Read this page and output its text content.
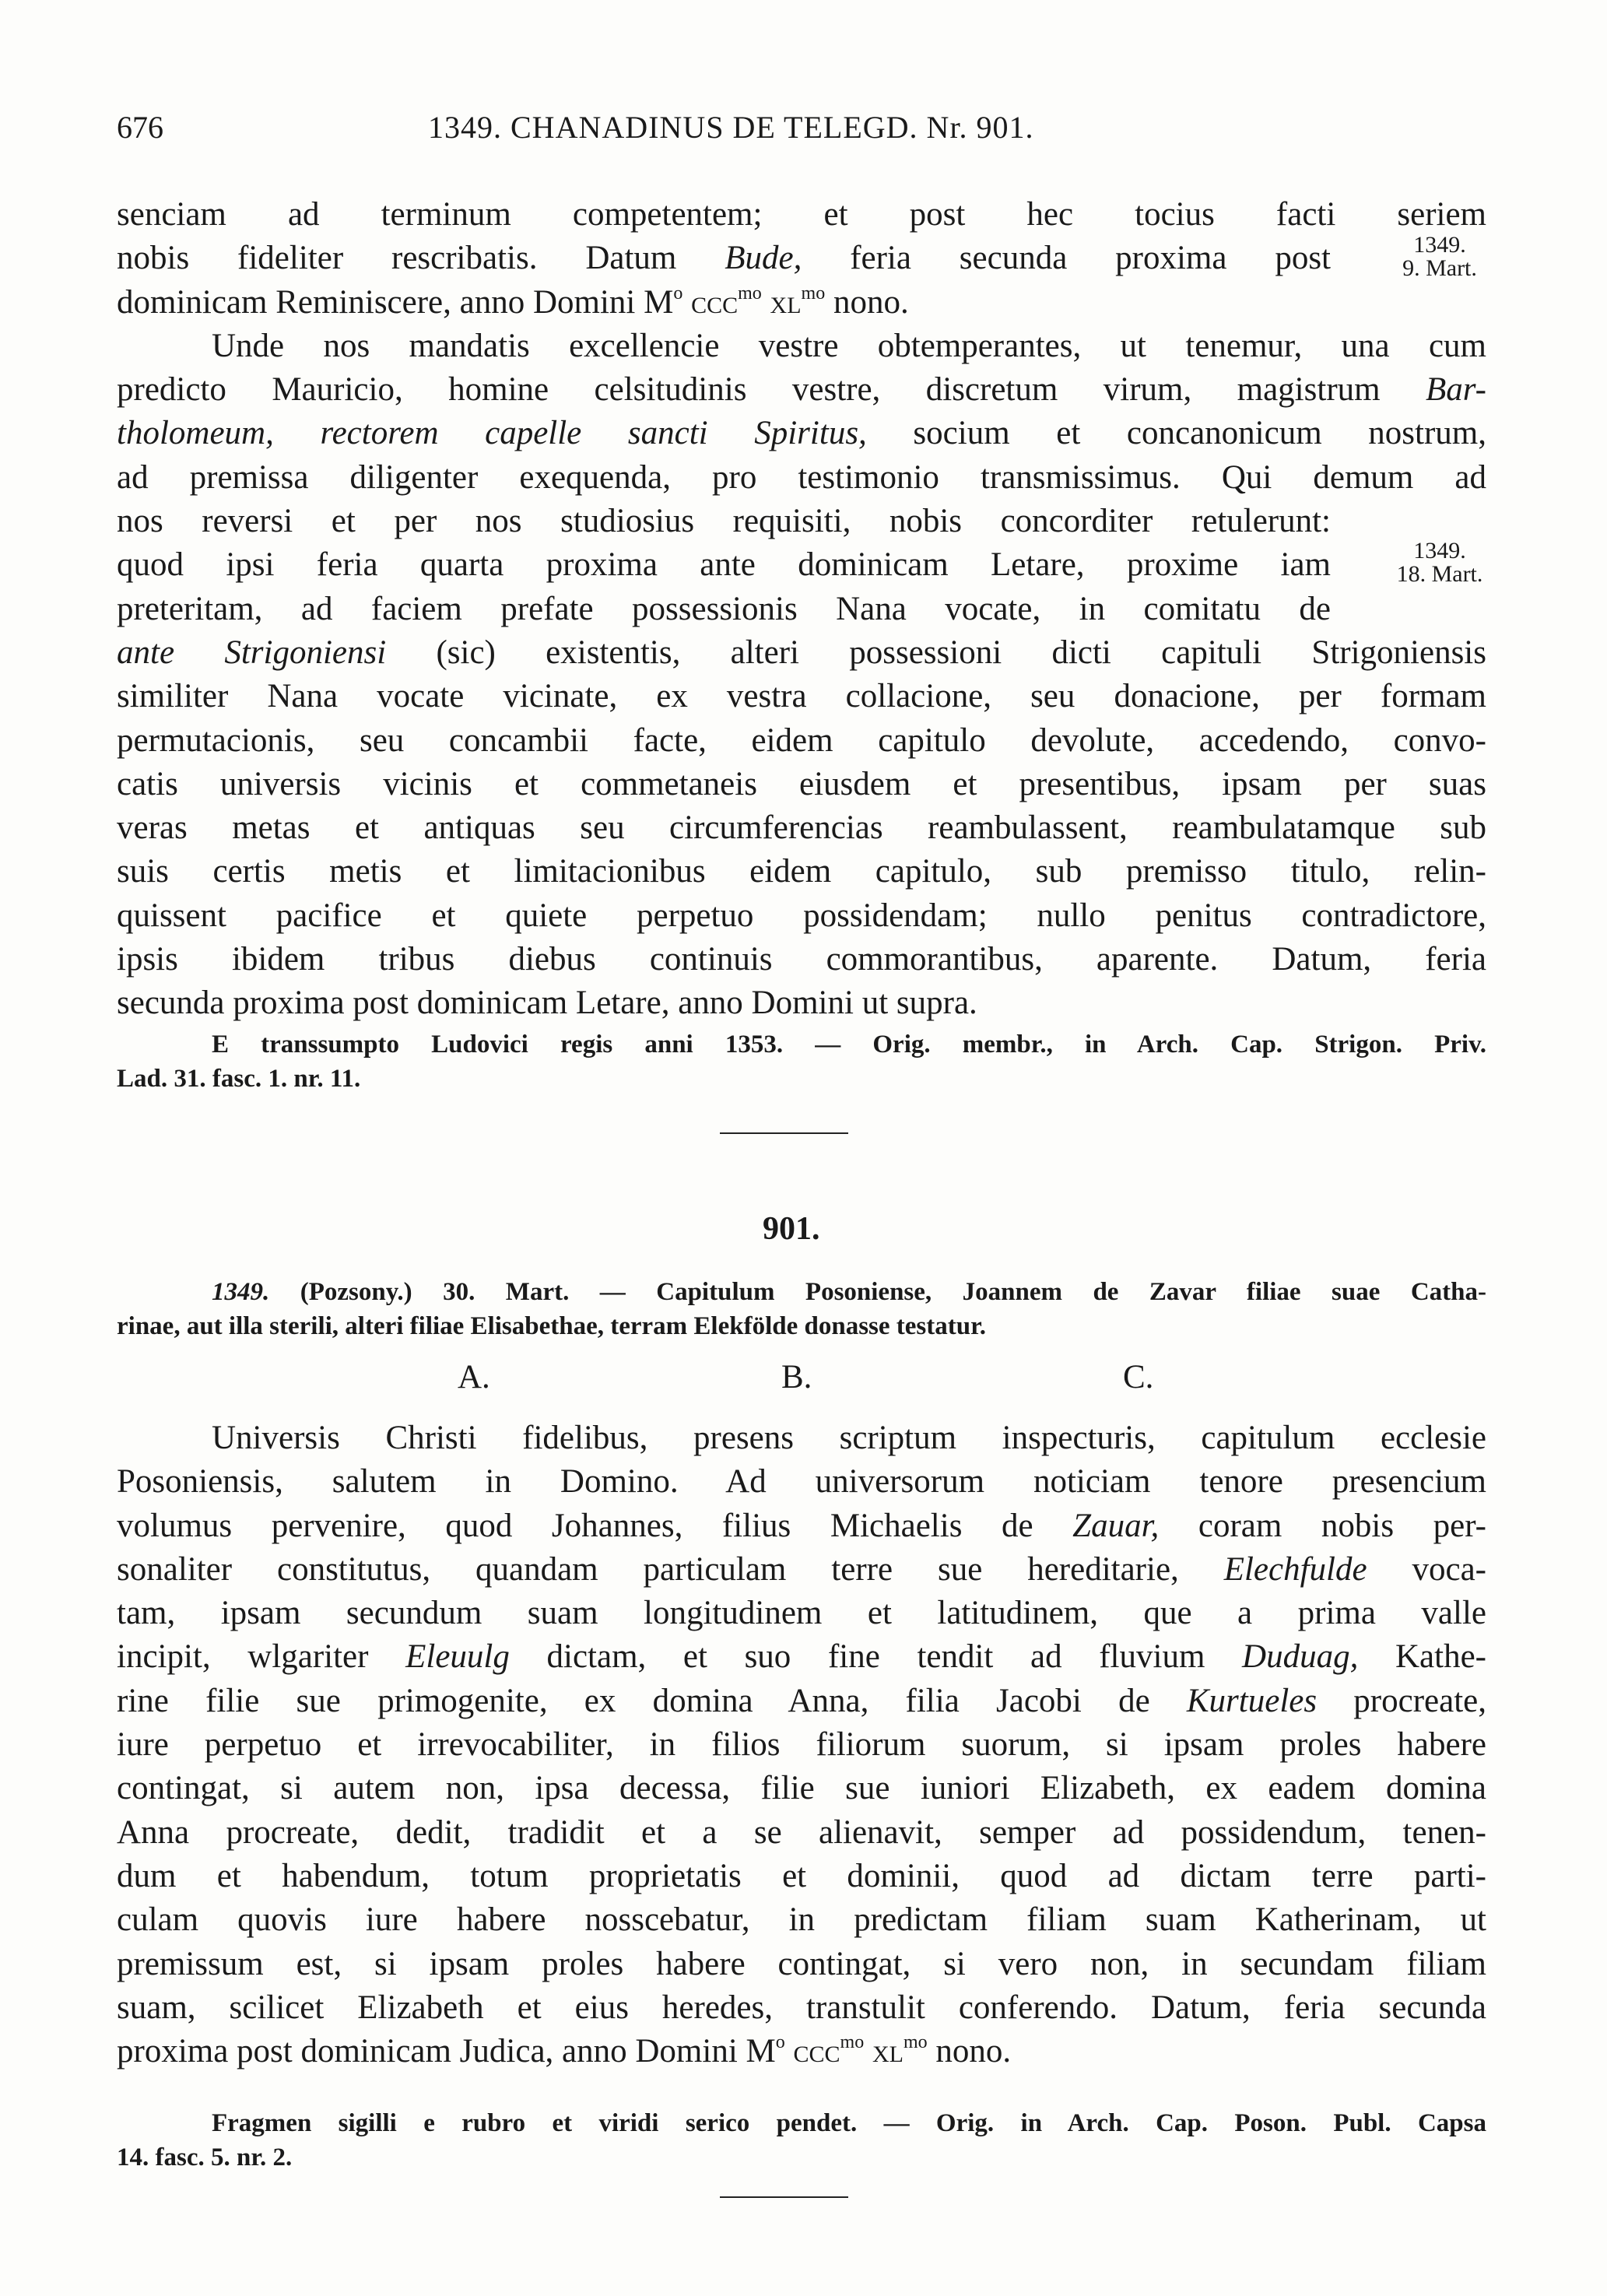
676	1349. CHANADINUS DE TELEGD. Nr. 901.
1349.
9. Mart.
1349.
18. Mart.
senciam ad terminum competentem; et post hec tocius facti seriem
nobis fideliter rescribatis. Datum Bude, feria secunda proxima post
dominicam Reminiscere, anno Domini $M^o$ ccc$^{mo}$ $xl^{mo}$ nono.
Unde nos mandatis excellencie vestre obtemperantes, ut tenemur, una cum
predicto Mauricio, homine celsitudinis vestre, discretum virum, magistrum Bar-
tholomeum, rectorem capelle sancti Spiritus, socium et concanonicum nostrum,
ad premissa diligenter exequenda, pro testimonio transmissimus. Qui demum ad
nos reversi et per nos studiosius requisiti, nobis concorditer retulerunt:
quod ipsi feria quarta proxima ante dominicam Letare, proxime iam
preteritam, ad faciem prefate possessionis Nana vocate, in comitatu de
ante Strigoniensi (sic) existentis, alteri possessioni dicti capituli Strigoniensis
similiter Nana vocate vicinate, ex vestra collacione, seu donacione, per formam
permutacionis, seu concambii facte, eidem capitulo devolute, accedendo, convo-
catis universis vicinis et commetaneis eiusdem et presentibus, ipsam per suas
veras metas et antiquas seu circumferencias reambulassent, reambulatamque sub
suis certis metis et limitacionibus eidem capitulo, sub premisso titulo, relin-
quissent pacifice et quiete perpetuo possidendam; nullo penitus contradictore,
ipsis ibidem tribus diebus continuis commorantibus, aparente. Datum, feria
secunda proxima post dominicam Letare, anno Domini ut supra.
E transsumpto Ludovici regis anni 1353. — Orig. membr., in Arch. Cap. Strigon. Priv.
Lad. 31. fasc. 1. nr. 11.
901.
1349. (Pozsony.) 30. Mart. — Capitulum Posoniense, Joannem de Zavar filiae suae Catha-
rinae, aut illa sterili, alteri filiae Elisabethae, terram Elekfölde donasse testatur.
A.	B.	C.
Universis Christi fidelibus, presens scriptum inspecturis, capitulum ecclesie
Posoniensis, salutem in Domino. Ad universorum noticiam tenore presencium
volumus pervenire, quod Johannes, filius Michaelis de Zauar, coram nobis per-
sonaliter constitutus, quandam particulam terre sue hereditarie, Elechfulde voca-
tam, ipsam secundum suam longitudinem et latitudinem, que a prima valle
incipit, wlgariter Eleuulg dictam, et suo fine tendit ad fluvium Duduag, Kathe-
rine filie sue primogenite, ex domina Anna, filia Jacobi de Kurtueles procreate,
iure perpetuo et irrevocabiliter, in filios filiorum suorum, si ipsam proles habere
contingat, si autem non, ipsa decessa, filie sue iuniori Elizabeth, ex eadem domina
Anna procreate, dedit, tradidit et a se alienavit, semper ad possidendum, tenen-
dum et habendum, totum proprietatis et dominii, quod ad dictam terre parti-
culam quovis iure habere nosscebatur, in predictam filiam suam Katherinam, ut
premissum est, si ipsam proles habere contingat, si vero non, in secundam filiam
suam, scilicet Elizabeth et eius heredes, transtulit conferendo. Datum, feria secunda
proxima post dominicam Judica, anno Domini $M^o$ ccc$^{mo}$ $xl^{mo}$ nono.
Fragmen sigilli e rubro et viridi serico pendet. — Orig. in Arch. Cap. Poson. Publ. Capsa
14. fasc. 5. nr. 2.
